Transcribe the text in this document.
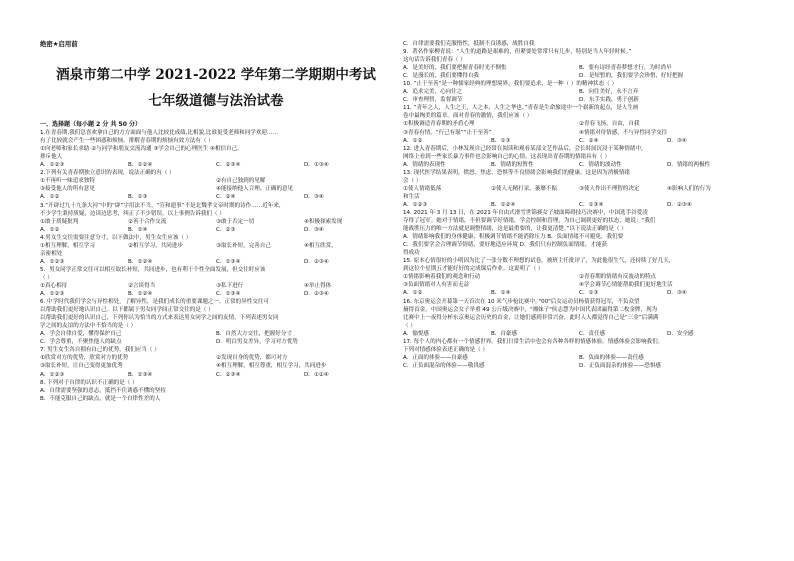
绝密★启用前
酒泉市第二中学 2021-2022 学年第二学期期中考试
七年级道德与法治试卷
一、选择题（每小题 2 分 共 50 分）
1.在青春期,我们总喜欢拿自己的方方面面与他人比较比成绩,比相貌,比谁更受老师和同学欢迎……
有了比较就会产生一些困惑和烦恼。排解青春期的烦恼有效方法有（ ）
①向老师和家长求助 ②与同学和朋友交流沟通 ③学会自己的心理医生 ④相信自己,
排斥他人
A．①②③	B．①②④	C．②③④	D．①③④
2.下列有关青春期独立意识的表现，说法正确的有（ ）
①不再听一味追求独特	②有自己独到的见解
③接受他人的所有意见	④能接纳他人合理、正确的意见
A．①②	B．①③	C．②④	D．③④
3.“开辟过九十九条大河”中的“辟”字用法不当，“宣和遗事”不是北魏孝文帝时期的诗作……近年来,
不少学生秉持质疑，边读边思考，纠正了不少错误。以上事例告诉我们（ ）
①敢于质疑批判	②善于合作交流	③敢于否定一切	④积极探索发现
A．①②	B．①④	C．②③	D．③④
4.男女生交往需要注意分寸，以下做法中，男生女生应该（ ）
①相互理解，相互学习	②相互学习，共同进步	③取长补短，完善自己	④相互欣赏，
亲密相处
A．①②③	B．①②④	C．①③④	D．②③④
5．男女同学正常交往可以相互取长补短，共同进步，也有利于个性全面发展，但交往时应该
（ ）
①真心相待	②言谈得当	③私下进行	④举止得体
A．①②③	B．①②④	C．①③④	D．②③④
6. 中学时代我们学会与异性相处，了解异性，是我们成长的重要课题之一。正常的异性交往可
以帮助我们更好地认识自己。以下都属于男女同学间正常交往的是（ ）
以帮助我们更好的认识自己，下列你认为恰当的方式来表达男女同学之间的友情。下列表述男女同
学之间的友谊的方法中不恰当的是（ ）
A．学会自律自爱，懂得保护自己	B．自然大方交往，把握好分寸
C．学会尊重，不聚焦他人的缺点	D．明白男女差异，学习对方优势
7. 男生女生各自拥有自己的优势，我们应当（ ）
①欣赏对方的优势，欣赏对方的优势	②发现自身的优势，都可对方
③取长补短，让自己变得更加优秀	④相互理解，相互尊重，相互学习，共同进步
A．①②③	B．①③④	C．②③④	D．①②④
8. 下列对于自律的认识不正确的是（ ）
A．自律需要坚强的意志，抵挡不住诱惑不懂的坚持
B．不能克服自己的缺点，就是一个自律性差的人
C．自律需要我们克服惰性，抵制不良诱惑，战胜自我
9．著名作家柳青说：“人生的道路是艰难的，但紧要处常常只有几步，特别是当人年轻时候。”
这句话告诉我们青春（ ）
A．是美好的，我们要把握青春时光不惆怅	B．要有诗经青春梦想才行，为时尚早
C．是漫长的，我们要懂得自我	D．是短暂的，我们要学会珍惜，好好把握
10. “止于至善”是一种儒家经典的理想境界，我们要追求，是一种（ ）的精神状态（ ）
A．追求完美，心向往之	B．向往美好，永不言弃
C．审查理智，监督调节	D．东手实践，勇于创新
11. “青年之人，人生之王，人之本，人生之华也。”青春是生命旅途中一个崭新的起点，是人生画
卷中最绚美的篇章。面对青春的激情，我们应该（ ）
①积极调适青春期的矛盾心理	②青春飞扬，自由，自我
③青春有情，“行己有耻”“止于至善”	④情绪对待情感，不与异性同学交往
A．①②	B．①③	C．②④	D．③④
12. 进入青春期后，小林发现自己经常在阅读和观看某部文艺作品后，会长时间沉浸于某种情绪中，
网络上看到一些家长暴力事件也会影响自己的心情。这表现出青春期的情绪具有（ ）
A．情绪的表现性	B．情绪的短暂性	C．情绪的波动性	D．情绪的两极性
13. 现代医学结果表明，愤怒、焦虑、恐惧等不良情绪会影响我们的健康。这是因为消极情绪
会（ ）
①使人情绪低落	②使人无精打采，萎靡不振	③使人作出不理智的决定	④影响人们的行为
和生活
A．①②③	B．①②④	C．①③④	D．②③④
14. 2021 年 3 月 13 日，在 2021 年自由式滑雪世锦赛女子坡面障碍技巧决赛中，中国选手谷爱凌
夺得了冠军。她对于情绪，不但要调节好情绪，学会控制和管理，为自己调到更好的状态，她说：“我们
能战胜压力的唯一方法就是调整情绪，这是最重要的，让我更清楚。”以下说法正确的是（ ）
A．情绪影响我们的身体健康，积极调节情绪不能消除压力 B．负面情绪不可避免，我们要
C．我们要学会合理调节情绪，要好地适应环境 D．我们只有控制负面情绪，才能获
得成功
15. 原本心情很好的小明因为比了一张分数不理想的试卷，被班主任批评了，为此他很生气，还持续了好几天，
到这位个星期五才能好好的完成课后作业。这说明了（ ）
①情绪影响着我们的观念和行动	②青春期的情绪有反波动的特点
③负面情绪对人有害而无益	④学会调节心情能帮助我们更好地生活
A．①②	B．①④	C．①③	D．③④
16. 东京奥运会开幕第一天首次在 10 米气步枪比赛中, "00"后女运动员杨倩获得冠军，不负众望
摘得首金。中国奥运会女子举重 49 公斤级决赛中，"湘妹子"侯志慧为中国代表团赢得第二枚金牌，现为
比赛中上一夜得分杯东京奥运会历史的首金，让她们感到非常兴奋，此时人人都觉得自己是“三金”后满满
（ ）
A．愉悦感	B．自豪感	C．责任感	D．安全感
17. 每个人的内心都有一个情感世界。我们日常生活中也会有各种各样的情感体验。情感体验会影响我们。
下列对情感体验表述正确的是（ ）
A．正面的体验——自豪感	B．负面的体验——责任感
C．正负面混杂的体验——敬畏感	D．正负面混杂的体验——恐惧感
